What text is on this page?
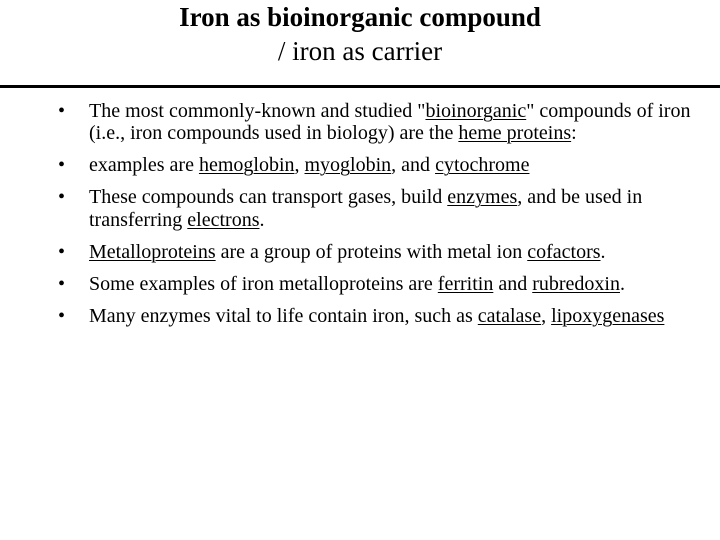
Iron as bioinorganic compound
/ iron as carrier
•	The most commonly-known and studied "bioinorganic" compounds of iron (i.e., iron compounds used in biology) are the heme proteins:
•	examples are hemoglobin, myoglobin, and cytochrome
•	These compounds can transport gases, build enzymes, and be used in transferring electrons.
•	Metalloproteins are a group of proteins with metal ion cofactors.
•	Some examples of iron metalloproteins are ferritin and rubredoxin.
•	Many enzymes vital to life contain iron, such as catalase, lipoxygenases
